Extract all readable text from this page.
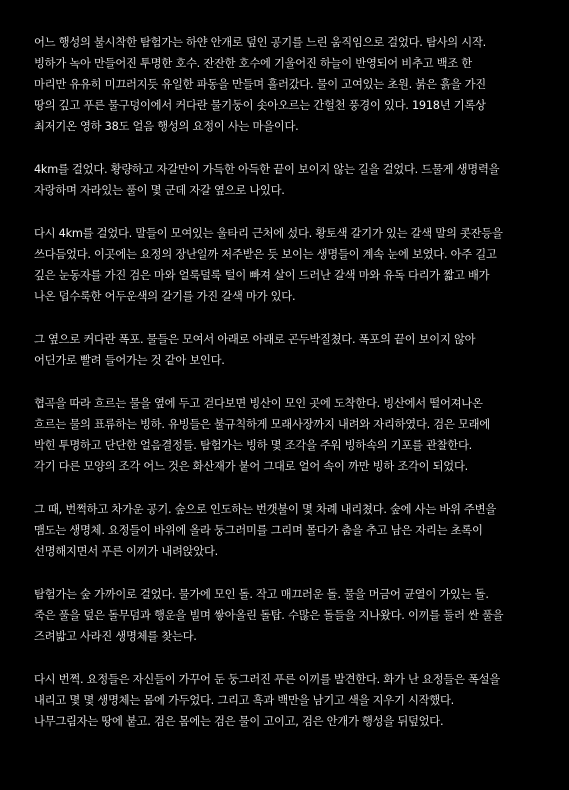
어느 행성의 불시착한 탐험가는 하얀 안개로 덮인 공기를 느린 움직임으로 걸었다. 탐사의 시작.
빙하가 녹아 만들어진 투명한 호수. 잔잔한 호수에 기울어진 하늘이 반영되어 비추고 백조 한
마리만 유유히 미끄러지듯 유일한 파동을 만들며 흘러갔다. 물이 고여있는 초원. 붉은 흙을 가진
땅의 깊고 푸른 물구덩이에서 커다란 물기둥이 솟아오르는 간헐천 풍경이 있다. 1918년 기록상
최저기온 영하 38도 얼음 행성의 요정이 사는 마을이다.
4km를 걸었다. 황량하고 자갈만이 가득한 아득한 끝이 보이지 않는 길을 걸었다. 드물게 생명력을
자랑하며 자라있는 풀이 몇 군데 자갈 옆으로 나있다.
다시 4km를 걸었다. 말들이 모여있는 울타리 근처에 섰다. 황토색 갈기가 있는 갈색 말의 콧잔등을
쓰다듬었다. 이곳에는 요정의 장난일까 저주받은 듯 보이는 생명들이 계속 눈에 보였다. 아주 길고
깊은 눈동자를 가진 검은 마와 얼룩덜룩 털이 빠져 살이 드러난 갈색 마와 유독 다리가 짧고 배가
나온 덥수룩한 어두운색의 갈기를 가진 갈색 마가 있다.
그 옆으로 커다란 폭포. 물들은 모여서 아래로 아래로 곤두박질쳤다. 폭포의 끝이 보이지 않아
어딘가로 빨려 들어가는 것 같아 보인다.
협곡을 따라 흐르는 물을 옆에 두고 걷다보면 빙산이 모인 곳에 도착한다. 빙산에서 떨어져나온
흐르는 물의 표류하는 빙하. 유빙들은 불규칙하게 모래사장까지 내려와 자리하였다. 검은 모래에
박힌 투명하고 단단한 얼음결정들. 탐험가는 빙하 몇 조각을 주워 빙하속의 기포를 관찰한다.
각기 다른 모양의 조각 어느 것은 화산재가 붙어 그대로 얼어 속이 까만 빙하 조각이 되었다.
그 때, 번쩍하고 차가운 공기. 숲으로 인도하는 번갯불이 몇 차례 내리쳤다. 숲에 사는 바위 주변을
맴도는 생명체. 요정들이 바위에 올라 둥그러미를 그리며 몰다가 춤을 추고 남은 자리는 초록이
선명해지면서 푸른 이끼가 내려앉았다.
탐험가는 숲 가까이로 걸었다. 물가에 모인 돌. 작고 매끄러운 돌. 물을 머금어 균열이 가있는 돌.
죽은 풀을 덮은 돌무덤과 행운을 빌며 쌓아올린 돌탑. 수많은 돌들을 지나왔다. 이끼를 둘러 싼 풀을
즈려밟고 사라진 생명체를 찾는다.
다시 번쩍. 요정들은 자신들이 가꾸어 둔 둥그러진 푸른 이끼를 발견한다. 화가 난 요정들은 폭설을
내리고 몇 몇 생명체는 몸에 가두었다. 그리고 흑과 백만을 남기고 색을 지우기 시작했다.
나무그림자는 땅에 붙고. 검은 몸에는 검은 물이 고이고, 검은 안개가 행성을 뒤덮었다.
